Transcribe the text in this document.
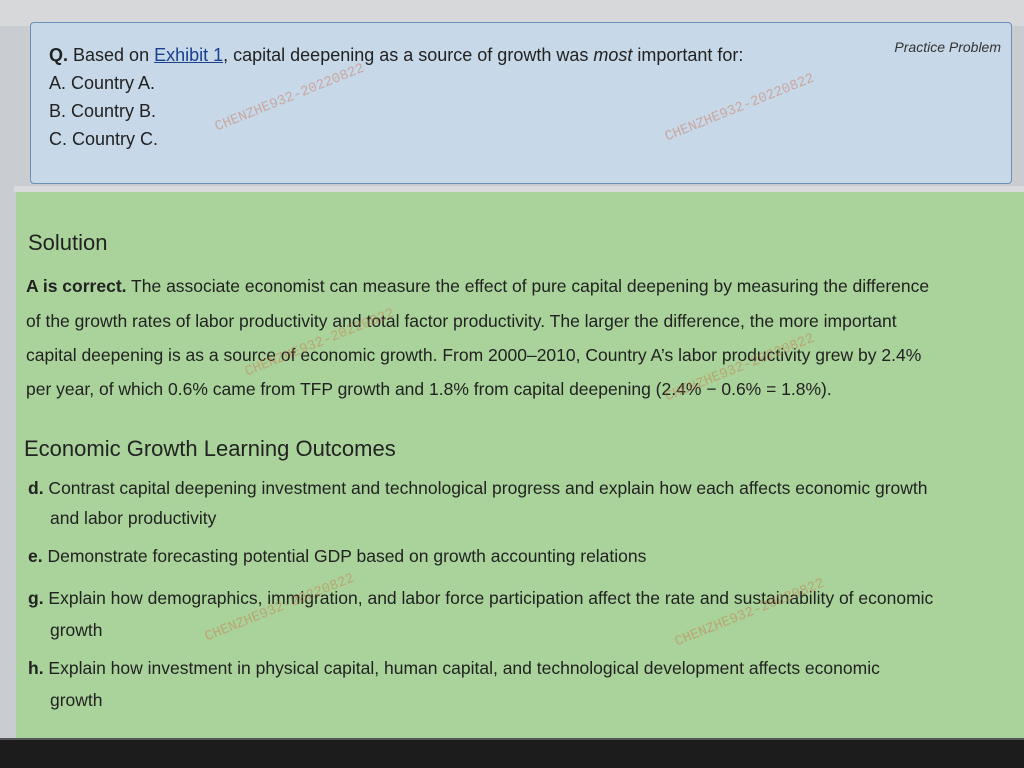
Practice Problem
Q. Based on Exhibit 1, capital deepening as a source of growth was most important for:
A. Country A.
B. Country B.
C. Country C.
Solution
A is correct. The associate economist can measure the effect of pure capital deepening by measuring the difference
of the growth rates of labor productivity and total factor productivity. The larger the difference, the more important
capital deepening is as a source of economic growth. From 2000–2010, Country A’s labor productivity grew by 2.4%
per year, of which 0.6% came from TFP growth and 1.8% from capital deepening (2.4% − 0.6% = 1.8%).
Economic Growth Learning Outcomes
d. Contrast capital deepening investment and technological progress and explain how each affects economic growth
and labor productivity
e. Demonstrate forecasting potential GDP based on growth accounting relations
g. Explain how demographics, immigration, and labor force participation affect the rate and sustainability of economic
growth
h. Explain how investment in physical capital, human capital, and technological development affects economic
growth
CHENZHE932-20220822	CHENZHE932-20220822
CHENZHE932-20220822	CHENZHE932-20220822
CHENZHE932-20220822	CHENZHE932-20220822
